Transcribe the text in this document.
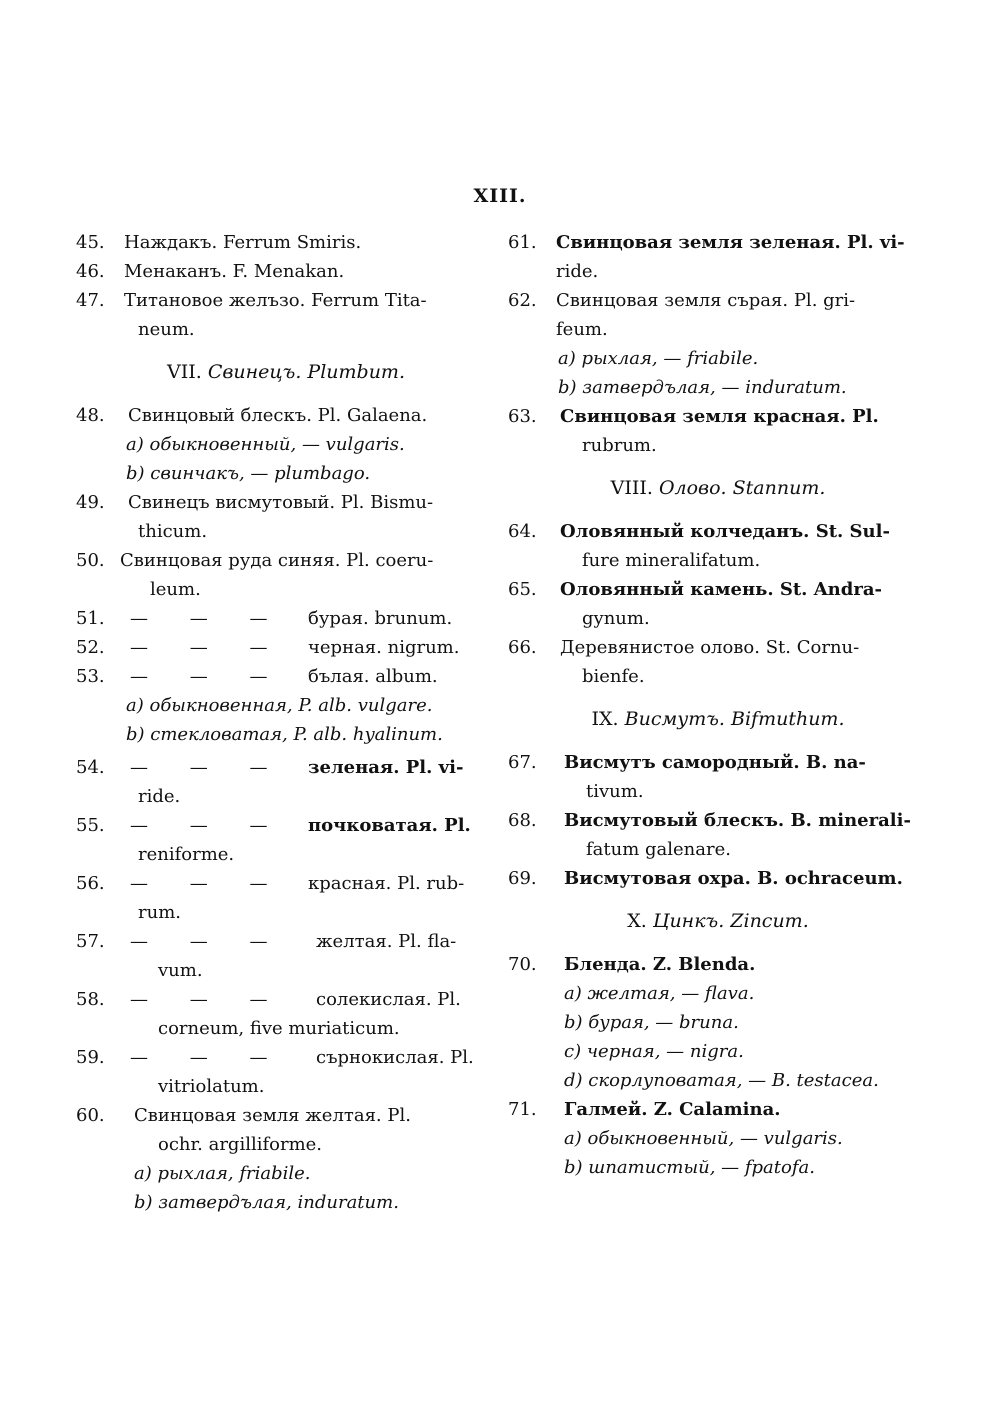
XIII.
45. Наждакъ. Ferrum Smiris.
46. Менаканъ. F. Menakan.
47. Титановое желъзо. Ferrum Tita-
neum.
VII. Свинецъ. Plumbum.
48. Свинцовый блескъ. Pl. Galaena.
a) обыкновенный, — vulgaris.
b) свинчакъ, — plumbago.
49. Свинецъ висмутовый. Pl. Bismu-
thicum.
50. Свинцовая руда синяя. Pl. coeru-
leum.
51. — — — бурая. brunum.
52. — — — черная. nigrum.
53. — — — бълая. album.
a) обыкновенная, P. alb. vulgare.
b) стекловатая, P. alb. hyalinum.
54. — — — зеленая. Pl. vi-
ride.
55. — — — почковатая. Pl.
reniforme.
56. — — — красная. Pl. rub-
rum.
57. — — — желтая. Pl. fla-
vum.
58. — — — солекислая. Pl.
corneum, five muriaticum.
59. — — — сърнокислая. Pl.
vitriolatum.
60. Свинцовая земля желтая. Pl.
ochr. argilliforme.
a) рыхлая, friabile.
b) затвердълая, induratum.
61. Свинцовая земля зеленая. Pl. vi-
ride.
62. Свинцовая земля сърая. Pl. gri-
feum.
a) рыхлая, — friabile.
b) затвердълая, — induratum.
63. Свинцовая земля красная. Pl.
rubrum.
VIII. Олово. Stannum.
64. Оловянный колчеданъ. St. Sul-
fure mineralifatum.
65. Оловянный камень. St. Andra-
gynum.
66. Деревянистое олово. St. Cornu-
bienfe.
IX. Висмутъ. Bifmuthum.
67. Висмутъ самородный. B. na-
tivum.
68. Висмутовый блескъ. B. minerali-
fatum galenare.
69. Висмутовая охра. B. ochraceum.
X. Цинкъ. Zincum.
70. Бленда. Z. Blenda.
a) желтая, — flava.
b) бурая, — bruna.
c) черная, — nigra.
d) скорлуповатая, — B. testacea.
71. Галмей. Z. Calamina.
a) обыкновенный, — vulgaris.
b) шпатистый, — fpatofa.
